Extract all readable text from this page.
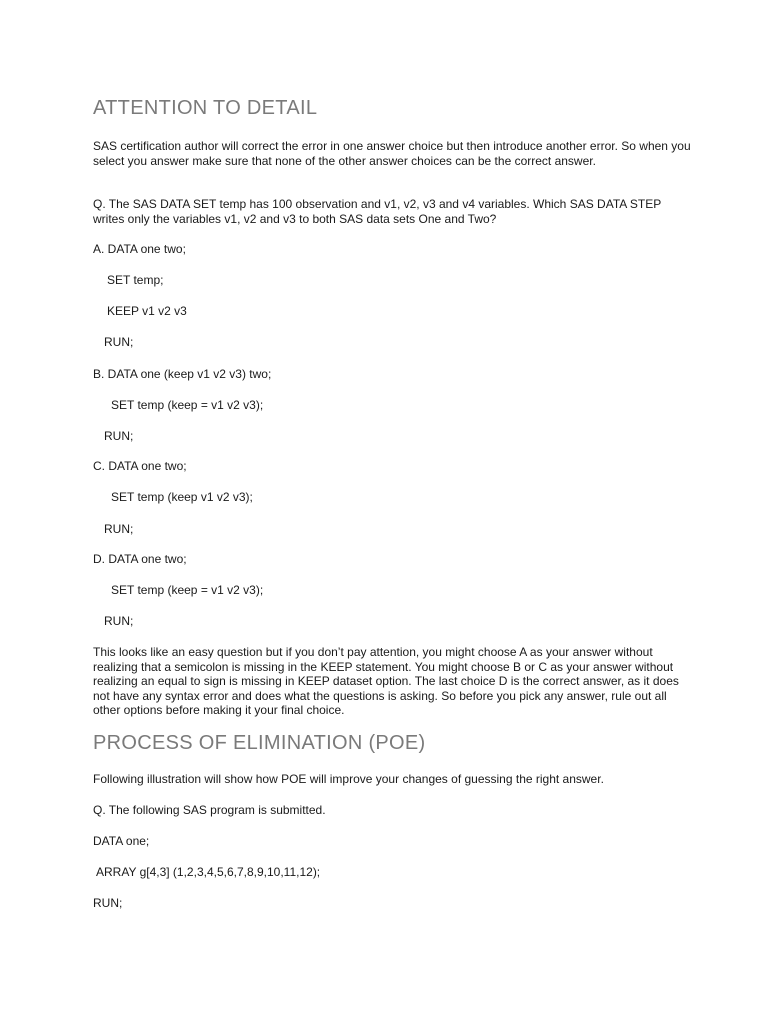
ATTENTION TO DETAIL

SAS certification author will correct the error in one answer choice but then introduce another error. So when you select you answer make sure that none of the other answer choices can be the correct answer.

Q. The SAS DATA SET temp has 100 observation and v1, v2, v3 and v4 variables. Which SAS DATA STEP writes only the variables v1, v2 and v3 to both SAS data sets One and Two?

A. DATA one two;

SET temp;

KEEP v1 v2 v3

RUN;

B. DATA one (keep v1 v2 v3) two;

SET temp (keep = v1 v2 v3);

RUN;

C. DATA one two;

SET temp (keep v1 v2 v3);

RUN;

D. DATA one two;

SET temp (keep = v1 v2 v3);

RUN;

This looks like an easy question but if you don’t pay attention, you might choose A as your answer without realizing that a semicolon is missing in the KEEP statement. You might choose B or C as your answer without realizing an equal to sign is missing in KEEP dataset option. The last choice D is the correct answer, as it does not have any syntax error and does what the questions is asking. So before you pick any answer, rule out all other options before making it your final choice.

PROCESS OF ELIMINATION (POE)

Following illustration will show how POE will improve your changes of guessing the right answer.

Q. The following SAS program is submitted.

DATA one;

ARRAY g[4,3] (1,2,3,4,5,6,7,8,9,10,11,12);

RUN;
